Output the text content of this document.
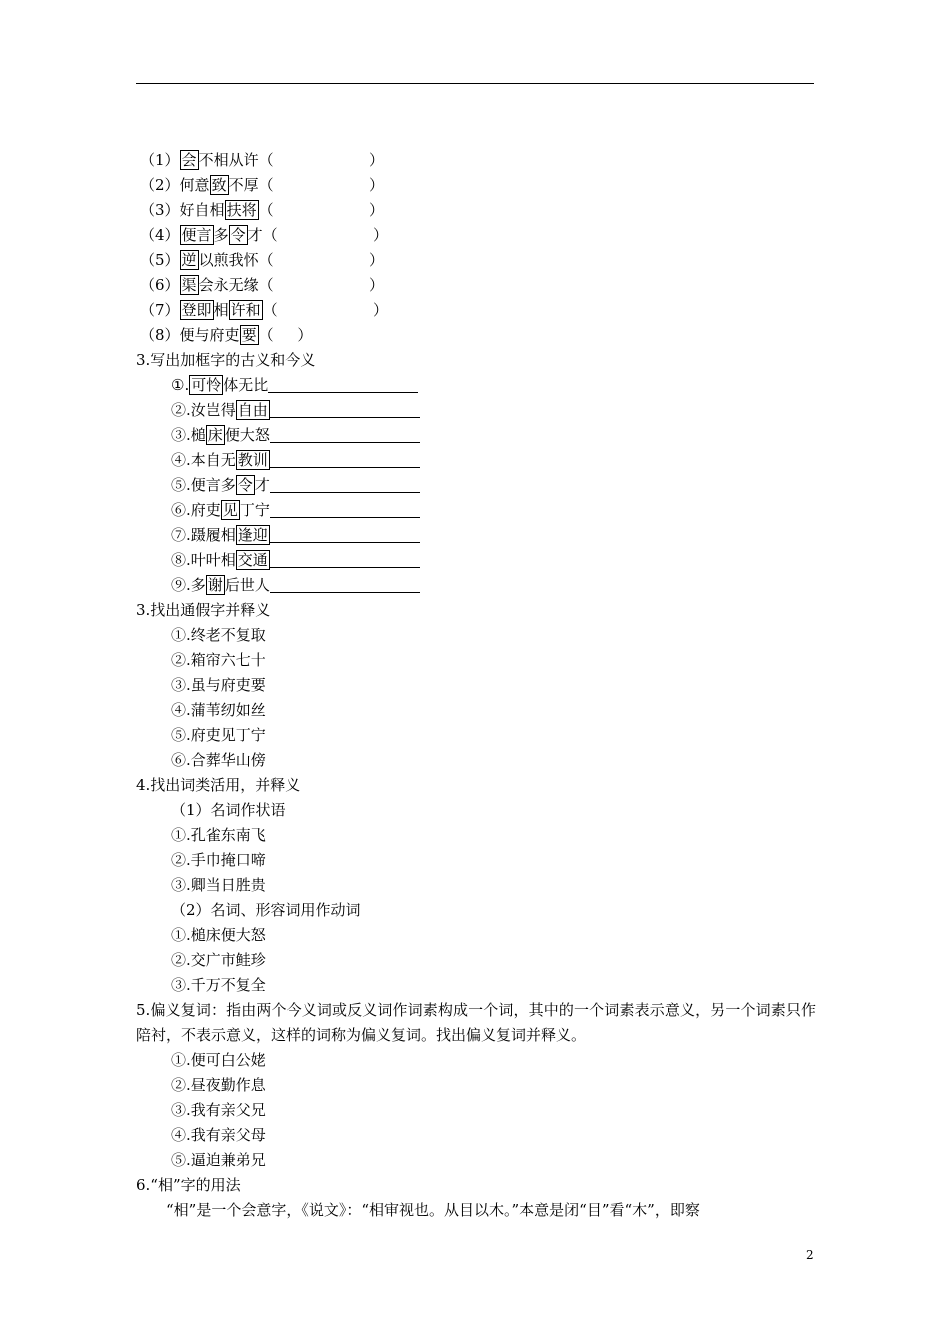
（1） 会 不相从许（                    ）
（2）何意 致 不厚（                    ）
（3）好自相 扶将 （                    ）
（4） 便言 多 令 才（                    ）
（5） 逆 以煎我怀（                    ）
（6） 渠 会永无缘（                    ）
（7） 登即 相 许和 （                    ）
（8）便与府吏 要 （     ）
3.写出加框字的古义和今义
①. 可怜 体无比
②.汝岂得 自由
③.槌 床 便大怒
④.本自无 教训
⑤.便言多 令 才
⑥.府吏 见 丁宁
⑦.蹑履相 逢迎
⑧.叶叶相 交通
⑨.多 谢 后世人
3.找出通假字并释义
①.终老不复取
②.箱帘六七十
③.虽与府吏要
④.蒲苇纫如丝
⑤.府吏见丁宁
⑥.合葬华山傍
4.找出词类活用，并释义
（1）名词作状语
①.孔雀东南飞
②.手巾掩口啼
③.卿当日胜贵
（2）名词、形容词用作动词
①.槌床便大怒
②.交广市鲑珍
③.千万不复全
5.偏义复词：指由两个今义词或反义词作词素构成一个词，其中的一个词素表示意义，另一个词素只作陪衬，不表示意义，这样的词称为偏义复词。找出偏义复词并释义。
①.便可白公姥
②.昼夜勤作息
③.我有亲父兄
④.我有亲父母
⑤.逼迫兼弟兄
6.“相”字的用法
“相”是一个会意字，《说文》：“相审视也。从目以木。”本意是闭“目”看“木”，即察
2
